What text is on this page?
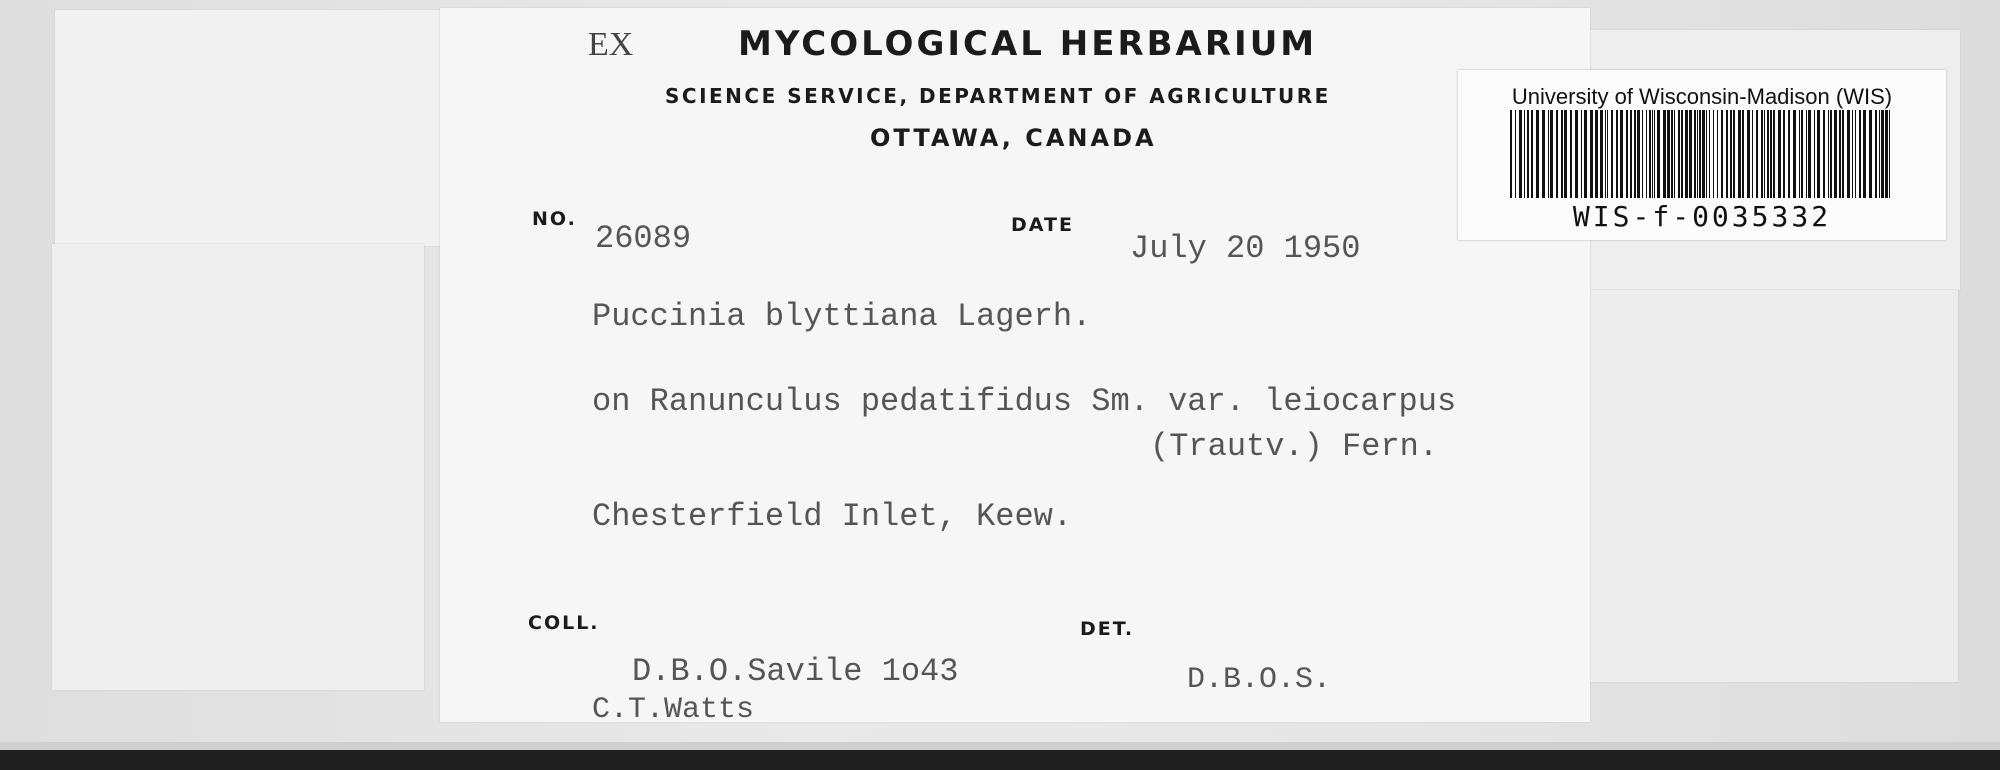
EX	MYCOLOGICAL HERBARIUM
SCIENCE SERVICE, DEPARTMENT OF AGRICULTURE
OTTAWA, CANADA
NO.
26089	DATE
July 20 1950
Puccinia blyttiana Lagerh.
on Ranunculus pedatifidus Sm. var. leiocarpus
(Trautv.) Fern.
Chesterfield Inlet, Keew.
COLL.
D.B.O.Savile 1o43
C.T.Watts
DET.
D.B.O.S.
University of Wisconsin-Madison (WIS)
WIS-f-0035332
